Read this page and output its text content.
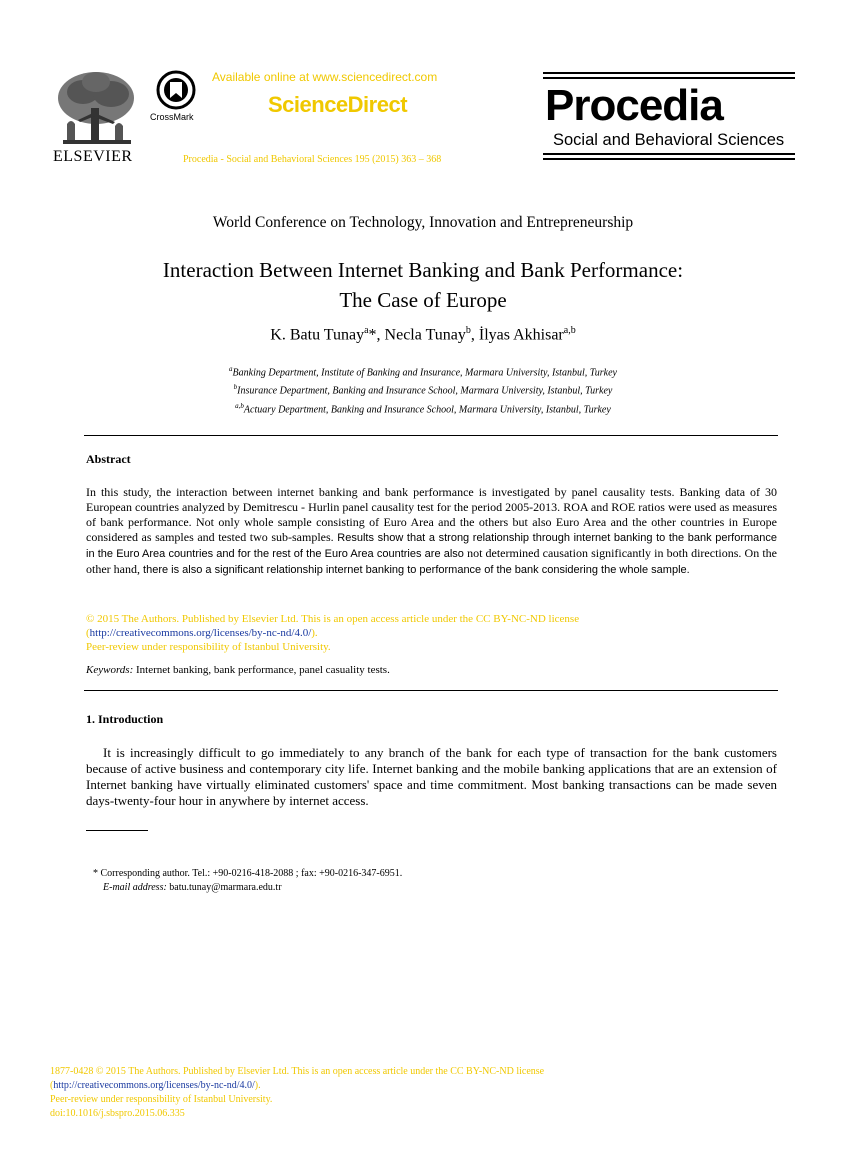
ELSEVIER
CrossMark
Available online at www.sciencedirect.com
ScienceDirect
Procedia - Social and Behavioral Sciences 195 (2015) 363 – 368
Procedia
Social and Behavioral Sciences
World Conference on Technology, Innovation and Entrepreneurship
Interaction Between Internet Banking and Bank Performance:
The Case of Europe
K. Batu Tunay$^a$*, Necla Tunay$^b$, İlyas Akhisar$^{a,b}$
$^a$Banking Department, Institute of Banking and Insurance, Marmara University, Istanbul, Turkey
$^b$Insurance Department, Banking and Insurance School, Marmara University, Istanbul, Turkey
$^{a,b}$Actuary Department, Banking and Insurance School, Marmara University, Istanbul, Turkey
Abstract
In this study, the interaction between internet banking and bank performance is investigated by panel causality tests. Banking data of 30 European countries analyzed by Demitrescu - Hurlin panel causality test for the period 2005-2013. ROA and ROE ratios were used as measures of bank performance. Not only whole sample consisting of Euro Area and the others but also Euro Area and the other countries in Europe considered as samples and tested two sub-samples. Results show that a strong relationship through internet banking to the bank performance in the Euro Area countries and for the rest of the Euro Area countries are also not determined causation significantly in both directions. On the other hand, there is also a significant relationship internet banking to performance of the bank considering the whole sample.
© 2015 The Authors. Published by Elsevier Ltd. This is an open access article under the CC BY-NC-ND license
(http://creativecommons.org/licenses/by-nc-nd/4.0/).
Peer-review under responsibility of Istanbul University.
Keywords: Internet banking, bank performance, panel casuality tests.
1. Introduction
It is increasingly difficult to go immediately to any branch of the bank for each type of transaction for the bank customers because of active business and contemporary city life. Internet banking and the mobile banking applications that are an extension of Internet banking have virtually eliminated customers' space and time commitment. Most banking transactions can be made seven days-twenty-four hour in anywhere by internet access.
* Corresponding author. Tel.: +90-0216-418-2088 ; fax: +90-0216-347-6951.
E-mail address: batu.tunay@marmara.edu.tr
1877-0428 © 2015 The Authors. Published by Elsevier Ltd. This is an open access article under the CC BY-NC-ND license
(http://creativecommons.org/licenses/by-nc-nd/4.0/).
Peer-review under responsibility of Istanbul University.
doi:10.1016/j.sbspro.2015.06.335
